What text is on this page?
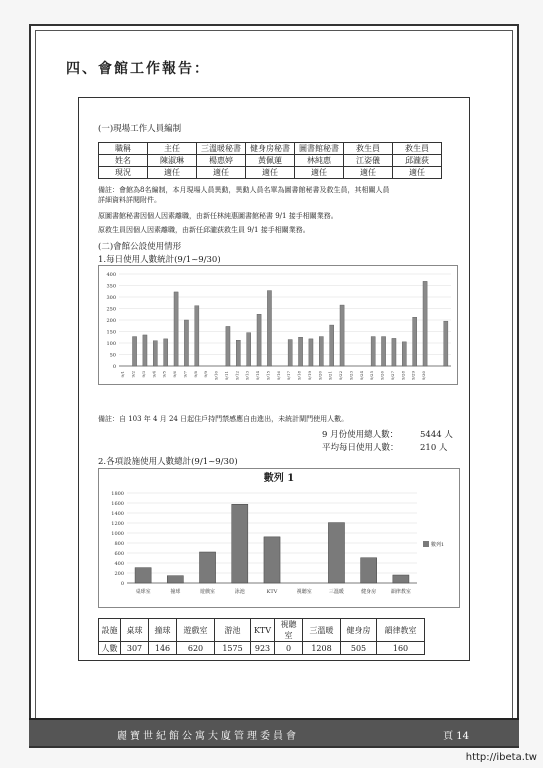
四、會館工作報告：
(一)現場工作人員編制
職稱	主任	三溫暖秘書	健身房秘書	圖書館秘書	救生員	救生員
姓名	陳淑琳	楊惠婷	黃佩蓮	林純惠	江姿儀	邱瀧荻
現況	適任	適任	適任	適任	適任	適任
備註：會館為8名編制，本月現場人員異動，異動人員名單為圖書館秘書及救生員，其相關人員
詳細資料詳閱附件。
原圖書館秘書因個人因素離職，由新任林純惠圖書館秘書 9/1 接手相關業務。
原救生員因個人因素離職，由新任邱瀧荻救生員 9/1 接手相關業務。
(二)會館公設使用情形
1.每日使用人數統計(9/1~9/30)
0
50
100
150
200
250
300
350
400
9/1 9/2 9/3 9/4 9/5 9/6 9/7 9/8 9/9 9/10 9/11 9/12 9/13 9/14 9/15 9/16 9/17 9/18 9/19 9/20 9/21 9/22 9/23 9/24 9/25 9/26 9/27 9/28 9/29 9/30
備註：自 103 年 4 月 24 日起住戶持門禁感應自由進出，未統計閘門使用人數。
9 月份使用總人數：	5444 人
平均每日使用人數：	210 人
2.各項設施使用人數總計(9/1~9/30)
數列 1
0
200
400
600
800
1000
1200
1400
1600
1800
桌球室	撞球	遊戲室	泳池	KTV	視聽室	三溫暖	健身房	韻律教室
數列1
設施	桌球	撞球	遊戲室	游池	KTV	視聽室	三溫暖	健身房	韻律教室
人數	307	146	620	1575	923	0	1208	505	160
麗寶世紀館公寓大廈管理委員會	頁 14
http://ibeta.tw
